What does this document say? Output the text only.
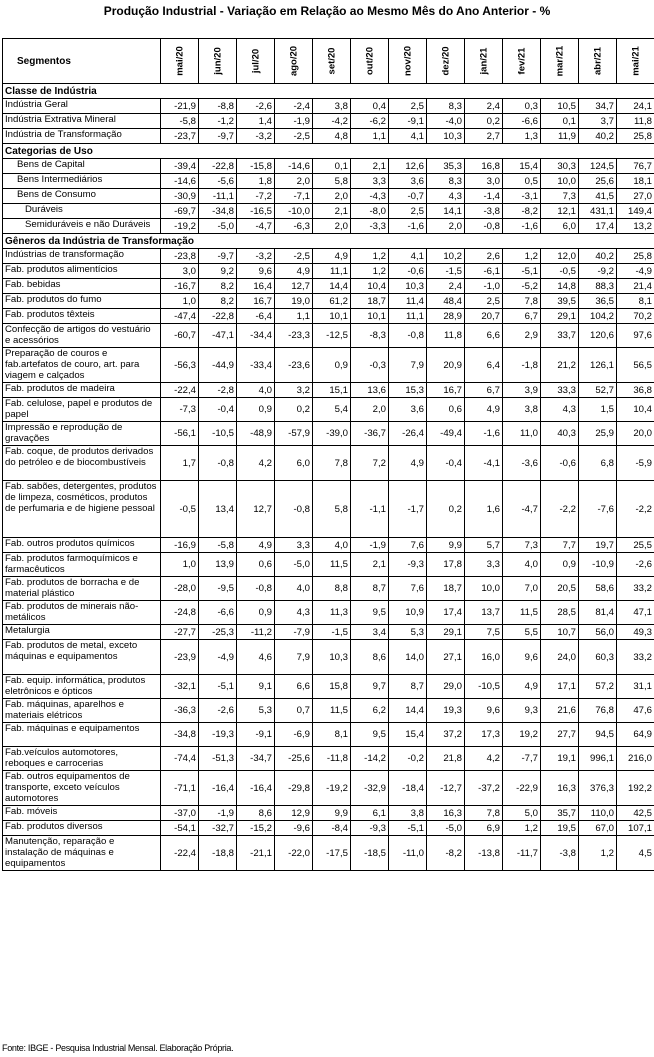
Produção Industrial - Variação em Relação ao Mesmo Mês do Ano Anterior - %
Segmentos	mai/20	jun/20	jul/20	ago/20	set/20	out/20	nov/20	dez/20	jan/21	fev/21	mar/21	abr/21	mai/21

Classe de Indústria													
Indústria Geral	-21,9	-8,8	-2,6	-2,4	3,8	0,4	2,5	8,3	2,4	0,3	10,5	34,7	24,1
Indústria Extrativa Mineral	-5,8	-1,2	1,4	-1,9	-4,2	-6,2	-9,1	-4,0	0,2	-6,6	0,1	3,7	11,8
Indústria de Transformação	-23,7	-9,7	-3,2	-2,5	4,8	1,1	4,1	10,3	2,7	1,3	11,9	40,2	25,8
Categorias de Uso													
Bens de Capital	-39,4	-22,8	-15,8	-14,6	0,1	2,1	12,6	35,3	16,8	15,4	30,3	124,5	76,7
Bens Intermediários	-14,6	-5,6	1,8	2,0	5,8	3,3	3,6	8,3	3,0	0,5	10,0	25,6	18,1
Bens de Consumo	-30,9	-11,1	-7,2	-7,1	2,0	-4,3	-0,7	4,3	-1,4	-3,1	7,3	41,5	27,0
Duráveis	-69,7	-34,8	-16,5	-10,0	2,1	-8,0	2,5	14,1	-3,8	-8,2	12,1	431,1	149,4
Semiduráveis e não Duráveis	-19,2	-5,0	-4,7	-6,3	2,0	-3,3	-1,6	2,0	-0,8	-1,6	6,0	17,4	13,2
Gêneros da Indústria de Transformação													
Indústrias de transformação	-23,8	-9,7	-3,2	-2,5	4,9	1,2	4,1	10,2	2,6	1,2	12,0	40,2	25,8
Fab. produtos alimentícios	3,0	9,2	9,6	4,9	11,1	1,2	-0,6	-1,5	-6,1	-5,1	-0,5	-9,2	-4,9
Fab. bebidas	-16,7	8,2	16,4	12,7	14,4	10,4	10,3	2,4	-1,0	-5,2	14,8	88,3	21,4
Fab. produtos do fumo	1,0	8,2	16,7	19,0	61,2	18,7	11,4	48,4	2,5	7,8	39,5	36,5	8,1
Fab. produtos têxteis	-47,4	-22,8	-6,4	1,1	10,1	10,1	11,1	28,9	20,7	6,7	29,1	104,2	70,2
Confecção de artigos do vestuário e acessórios	-60,7	-47,1	-34,4	-23,3	-12,5	-8,3	-0,8	11,8	6,6	2,9	33,7	120,6	97,6
Preparação de couros e fab.artefatos de couro, art. para viagem e calçados	-56,3	-44,9	-33,4	-23,6	0,9	-0,3	7,9	20,9	6,4	-1,8	21,2	126,1	56,5
Fab. produtos de madeira	-22,4	-2,8	4,0	3,2	15,1	13,6	15,3	16,7	6,7	3,9	33,3	52,7	36,8
Fab. celulose, papel e produtos de papel	-7,3	-0,4	0,9	0,2	5,4	2,0	3,6	0,6	4,9	3,8	4,3	1,5	10,4
Impressão e reprodução de gravações	-56,1	-10,5	-48,9	-57,9	-39,0	-36,7	-26,4	-49,4	-1,6	11,0	40,3	25,9	20,0
Fab. coque, de produtos derivados do petróleo e de biocombustíveis	1,7	-0,8	4,2	6,0	7,8	7,2	4,9	-0,4	-4,1	-3,6	-0,6	6,8	-5,9
Fab. sabões, detergentes, produtos de limpeza, cosméticos, produtos de perfumaria e de higiene pessoal	-0,5	13,4	12,7	-0,8	5,8	-1,1	-1,7	0,2	1,6	-4,7	-2,2	-7,6	-2,2
Fab. outros produtos químicos	-16,9	-5,8	4,9	3,3	4,0	-1,9	7,6	9,9	5,7	7,3	7,7	19,7	25,5
Fab. produtos farmoquímicos e farmacêuticos	1,0	13,9	0,6	-5,0	11,5	2,1	-9,3	17,8	3,3	4,0	0,9	-10,9	-2,6
Fab. produtos de borracha e de material plástico	-28,0	-9,5	-0,8	4,0	8,8	8,7	7,6	18,7	10,0	7,0	20,5	58,6	33,2
Fab. produtos de minerais não-metálicos	-24,8	-6,6	0,9	4,3	11,3	9,5	10,9	17,4	13,7	11,5	28,5	81,4	47,1
Metalurgia	-27,7	-25,3	-11,2	-7,9	-1,5	3,4	5,3	29,1	7,5	5,5	10,7	56,0	49,3
Fab. produtos de metal, exceto máquinas e equipamentos	-23,9	-4,9	4,6	7,9	10,3	8,6	14,0	27,1	16,0	9,6	24,0	60,3	33,2
Fab. equip. informática, produtos eletrônicos e ópticos	-32,1	-5,1	9,1	6,6	15,8	9,7	8,7	29,0	-10,5	4,9	17,1	57,2	31,1
Fab. máquinas, aparelhos e materiais elétricos	-36,3	-2,6	5,3	0,7	11,5	6,2	14,4	19,3	9,6	9,3	21,6	76,8	47,6
Fab. máquinas e equipamentos	-34,8	-19,3	-9,1	-6,9	8,1	9,5	15,4	37,2	17,3	19,2	27,7	94,5	64,9
Fab.veículos automotores, reboques e carrocerias	-74,4	-51,3	-34,7	-25,6	-11,8	-14,2	-0,2	21,8	4,2	-7,7	19,1	996,1	216,0
Fab. outros equipamentos de transporte, exceto veículos automotores	-71,1	-16,4	-16,4	-29,8	-19,2	-32,9	-18,4	-12,7	-37,2	-22,9	16,3	376,3	192,2
Fab. móveis	-37,0	-1,9	8,6	12,9	9,9	6,1	3,8	16,3	7,8	5,0	35,7	110,0	42,5
Fab. produtos diversos	-54,1	-32,7	-15,2	-9,6	-8,4	-9,3	-5,1	-5,0	6,9	1,2	19,5	67,0	107,1
Manutenção, reparação e instalação de máquinas e equipamentos	-22,4	-18,8	-21,1	-22,0	-17,5	-18,5	-11,0	-8,2	-13,8	-11,7	-3,8	1,2	4,5
Fonte: IBGE - Pesquisa Industrial Mensal. Elaboração Própria.
